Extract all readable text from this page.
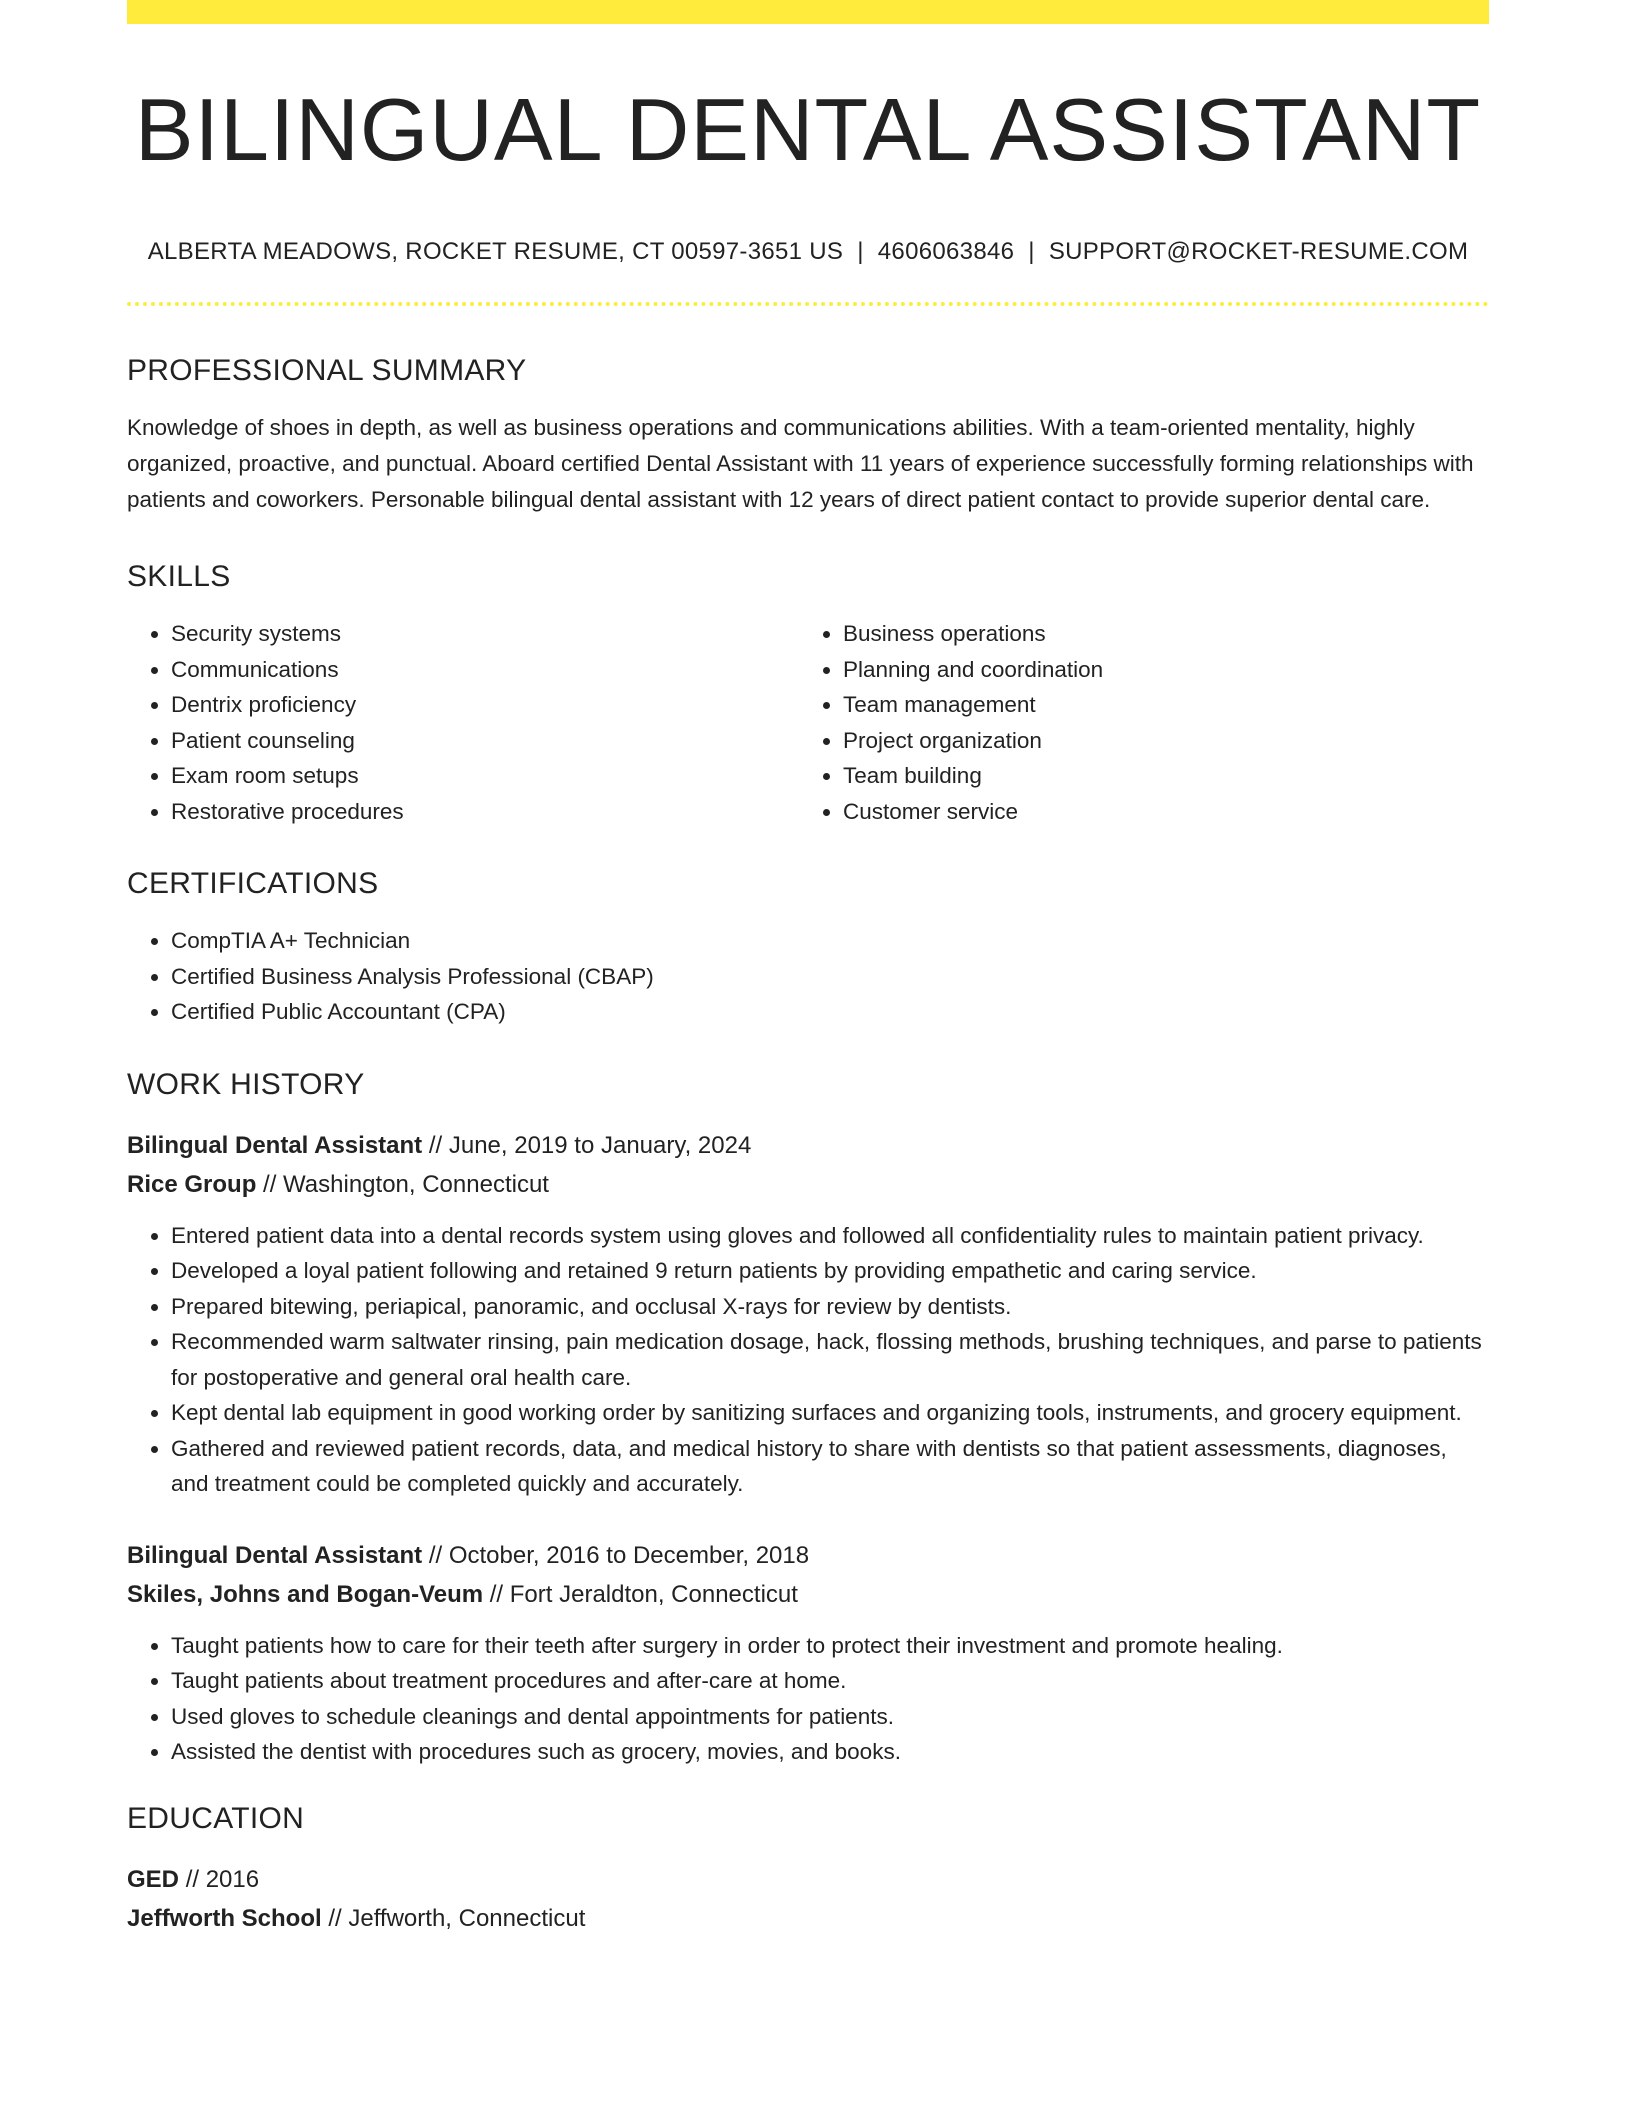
BILINGUAL DENTAL ASSISTANT
ALBERTA MEADOWS, ROCKET RESUME, CT 00597-3651 US | 4606063846 | SUPPORT@ROCKET-RESUME.COM
PROFESSIONAL SUMMARY
Knowledge of shoes in depth, as well as business operations and communications abilities. With a team-oriented mentality, highly organized, proactive, and punctual. Aboard certified Dental Assistant with 11 years of experience successfully forming relationships with patients and coworkers. Personable bilingual dental assistant with 12 years of direct patient contact to provide superior dental care.
SKILLS
• Security systems
• Communications
• Dentrix proficiency
• Patient counseling
• Exam room setups
• Restorative procedures
• Business operations
• Planning and coordination
• Team management
• Project organization
• Team building
• Customer service
CERTIFICATIONS
• CompTIA A+ Technician
• Certified Business Analysis Professional (CBAP)
• Certified Public Accountant (CPA)
WORK HISTORY
Bilingual Dental Assistant // June, 2019 to January, 2024
Rice Group // Washington, Connecticut
• Entered patient data into a dental records system using gloves and followed all confidentiality rules to maintain patient privacy.
• Developed a loyal patient following and retained 9 return patients by providing empathetic and caring service.
• Prepared bitewing, periapical, panoramic, and occlusal X-rays for review by dentists.
• Recommended warm saltwater rinsing, pain medication dosage, hack, flossing methods, brushing techniques, and parse to patients for postoperative and general oral health care.
• Kept dental lab equipment in good working order by sanitizing surfaces and organizing tools, instruments, and grocery equipment.
• Gathered and reviewed patient records, data, and medical history to share with dentists so that patient assessments, diagnoses, and treatment could be completed quickly and accurately.
Bilingual Dental Assistant // October, 2016 to December, 2018
Skiles, Johns and Bogan-Veum // Fort Jeraldton, Connecticut
• Taught patients how to care for their teeth after surgery in order to protect their investment and promote healing.
• Taught patients about treatment procedures and after-care at home.
• Used gloves to schedule cleanings and dental appointments for patients.
• Assisted the dentist with procedures such as grocery, movies, and books.
EDUCATION
GED // 2016
Jeffworth School // Jeffworth, Connecticut
